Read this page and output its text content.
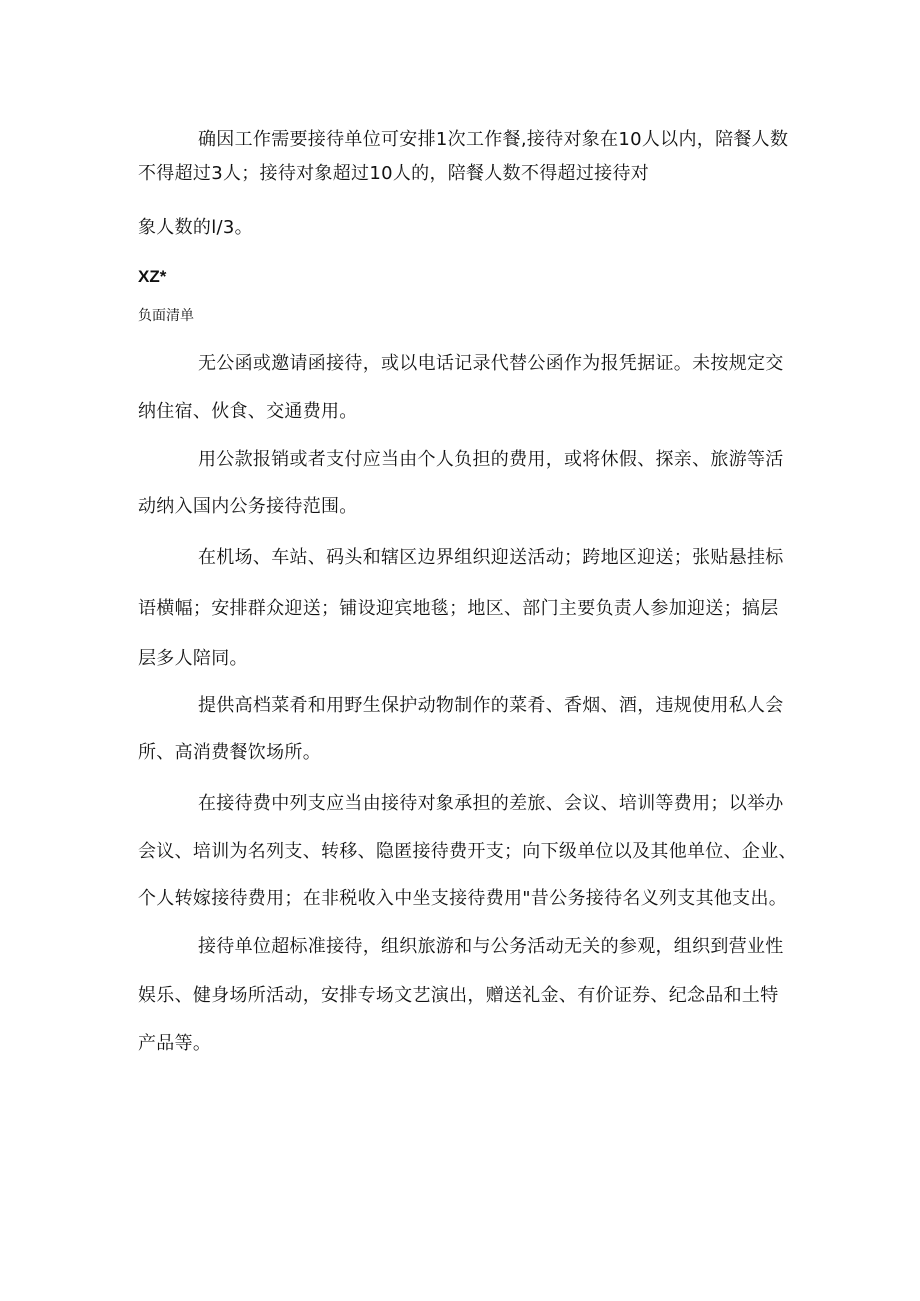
确因工作需要接待单位可安排1次工作餐,接待对象在10人以内，陪餐人数
不得超过3人；接待对象超过10人的，陪餐人数不得超过接待对
象人数的l/3。
XZ*
负面清单
无公函或邀请函接待，或以电话记录代替公函作为报凭据证。未按规定交
纳住宿、伙食、交通费用。
用公款报销或者支付应当由个人负担的费用，或将休假、探亲、旅游等活
动纳入国内公务接待范围。
在机场、车站、码头和辖区边界组织迎送活动；跨地区迎送；张贴悬挂标
语横幅；安排群众迎送；铺设迎宾地毯；地区、部门主要负责人参加迎送；搞层
层多人陪同。
提供高档菜肴和用野生保护动物制作的菜肴、香烟、酒，违规使用私人会
所、高消费餐饮场所。
在接待费中列支应当由接待对象承担的差旅、会议、培训等费用；以举办
会议、培训为名列支、转移、隐匿接待费开支；向下级单位以及其他单位、企业、
个人转嫁接待费用；在非税收入中坐支接待费用"昔公务接待名义列支其他支出。
接待单位超标准接待，组织旅游和与公务活动无关的参观，组织到营业性
娱乐、健身场所活动，安排专场文艺演出，赠送礼金、有价证券、纪念品和土特
产品等。
